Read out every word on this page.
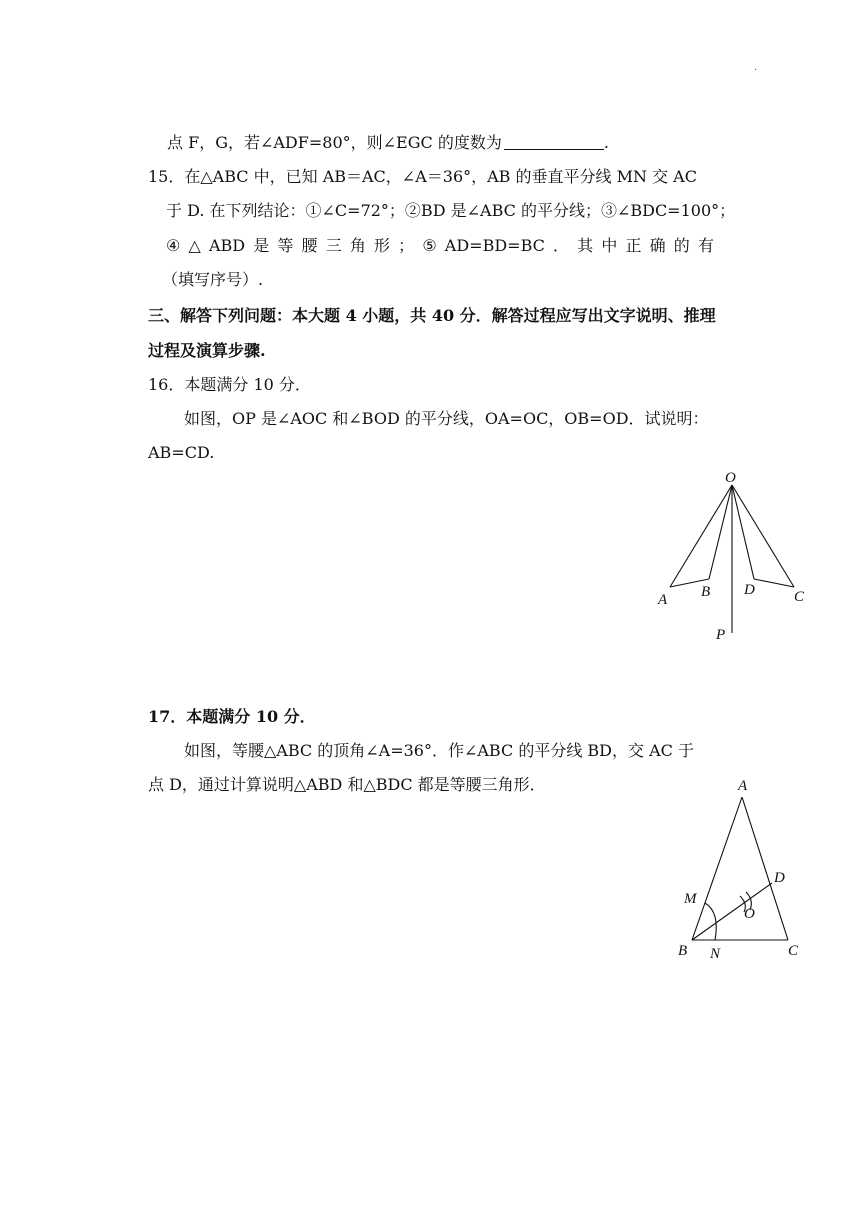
.
点 F，G，若∠ADF=80°，则∠EGC 的度数为	.
15．在△ABC 中，已知 AB＝AC，∠A＝36°，AB 的垂直平分线 MN 交 AC
于 D. 在下列结论：①∠C=72°；②BD 是∠ABC 的平分线；③∠BDC=100°；
④ △ ABD 是 等 腰 三 角 形 ； ⑤ AD=BD=BC ． 其 中 正 确 的 有
（填写序号）.
三、解答下列问题：本大题 4 小题，共 40 分．解答过程应写出文字说明、推理
过程及演算步骤.
16．本题满分 10 分．
如图，OP 是∠AOC 和∠BOD 的平分线，OA=OC，OB=OD．试说明：
AB=CD.
O
A B D	C
P
17．本题满分 10 分．
如图，等腰△ABC 的顶角∠A=36°．作∠ABC 的平分线 BD，交 AC 于
点 D，通过计算说明△ABD 和△BDC 都是等腰三角形．	A
D
M
O
B N	C
